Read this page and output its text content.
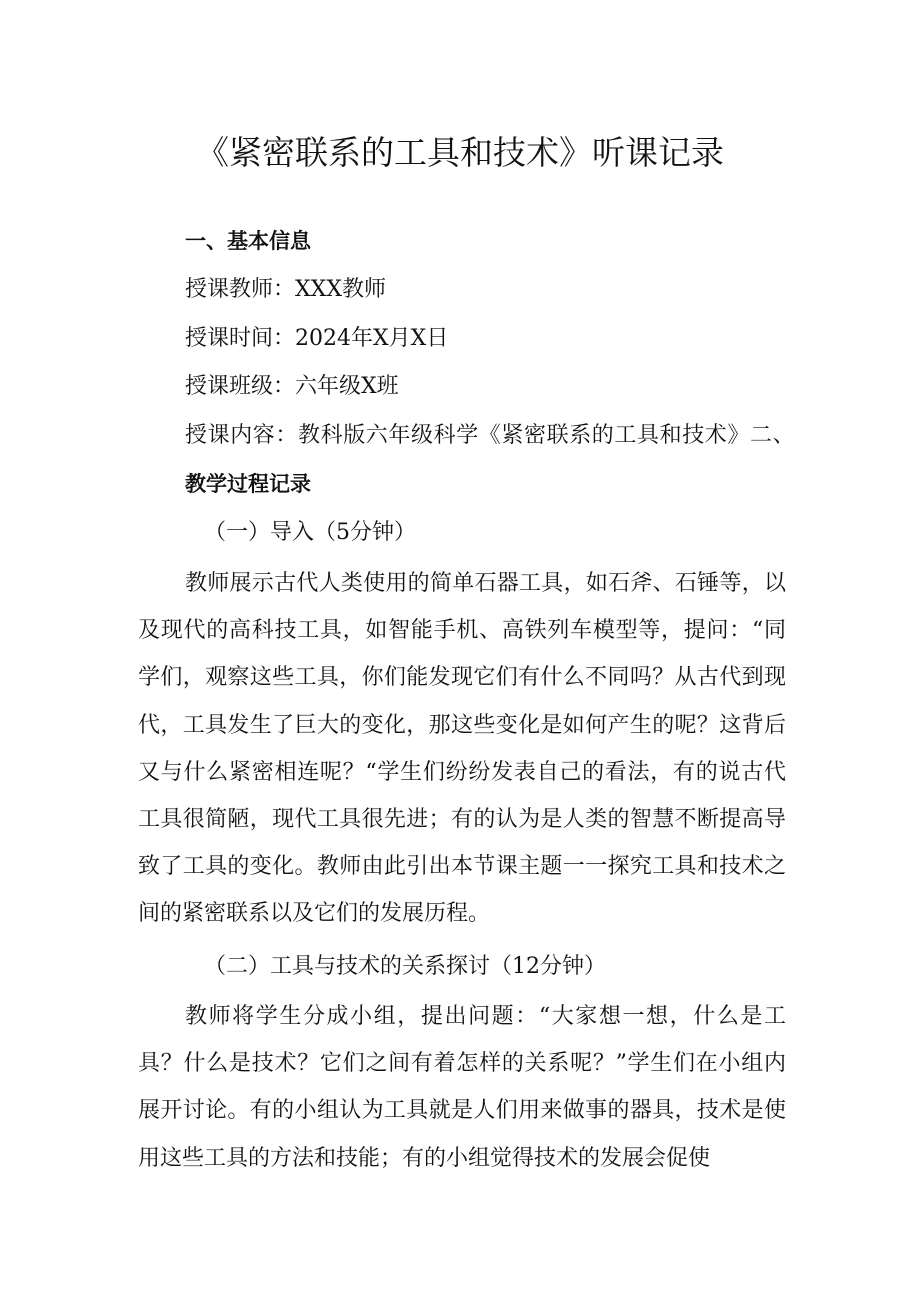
《紧密联系的工具和技术》听课记录

一、基本信息

授课教师：XXX教师

授课时间：2024年X月X日

授课班级：六年级X班

授课内容：教科版六年级科学《紧密联系的工具和技术》二、

教学过程记录

（一）导入（5分钟）

教师展示古代人类使用的简单石器工具，如石斧、石锤等，以及现代的高科技工具，如智能手机、高铁列车模型等，提问：“同学们，观察这些工具，你们能发现它们有什么不同吗？从古代到现代，工具发生了巨大的变化，那这些变化是如何产生的呢？这背后又与什么紧密相连呢？“学生们纷纷发表自己的看法，有的说古代工具很简陋，现代工具很先进；有的认为是人类的智慧不断提高导致了工具的变化。教师由此引出本节课主题一一探究工具和技术之间的紧密联系以及它们的发展历程。

（二）工具与技术的关系探讨（12分钟）

教师将学生分成小组，提出问题：“大家想一想，什么是工具？什么是技术？它们之间有着怎样的关系呢？”学生们在小组内展开讨论。有的小组认为工具就是人们用来做事的器具，技术是使用这些工具的方法和技能；有的小组觉得技术的发展会促使
